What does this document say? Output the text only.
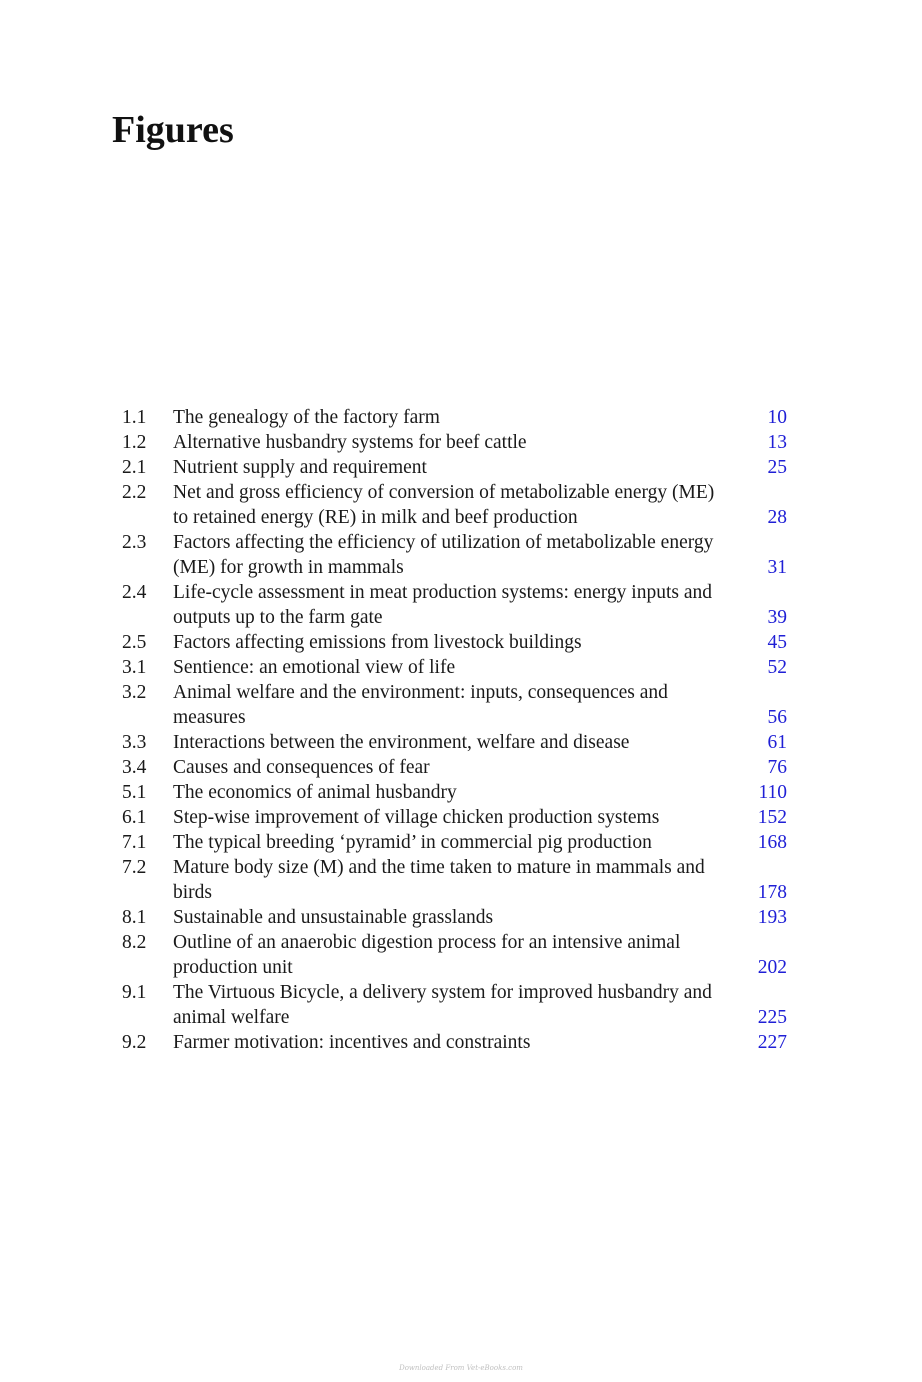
Figures
1.1	The genealogy of the factory farm	10
1.2	Alternative husbandry systems for beef cattle	13
2.1	Nutrient supply and requirement	25
2.2	Net and gross efficiency of conversion of metabolizable energy (ME) to retained energy (RE) in milk and beef production	28
2.3	Factors affecting the efficiency of utilization of metabolizable energy (ME) for growth in mammals	31
2.4	Life-cycle assessment in meat production systems: energy inputs and outputs up to the farm gate	39
2.5	Factors affecting emissions from livestock buildings	45
3.1	Sentience: an emotional view of life	52
3.2	Animal welfare and the environment: inputs, consequences and measures	56
3.3	Interactions between the environment, welfare and disease	61
3.4	Causes and consequences of fear	76
5.1	The economics of animal husbandry	110
6.1	Step-wise improvement of village chicken production systems	152
7.1	The typical breeding ‘pyramid’ in commercial pig production	168
7.2	Mature body size (M) and the time taken to mature in mammals and birds	178
8.1	Sustainable and unsustainable grasslands	193
8.2	Outline of an anaerobic digestion process for an intensive animal production unit	202
9.1	The Virtuous Bicycle, a delivery system for improved husbandry and animal welfare	225
9.2	Farmer motivation: incentives and constraints	227
Downloaded From Vet-eBooks.com
